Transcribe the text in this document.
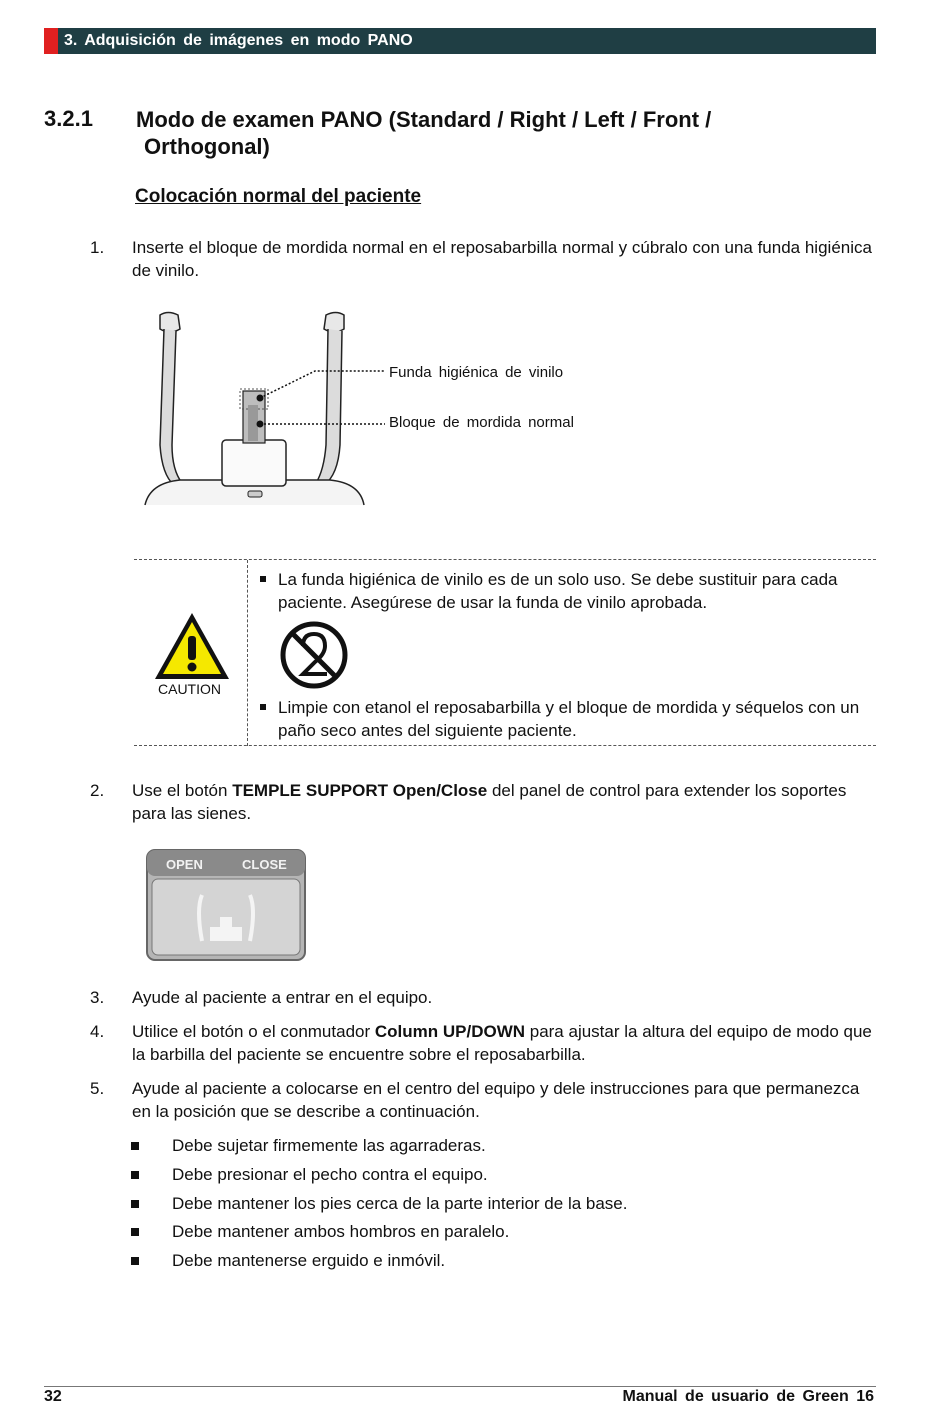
3. Adquisición de imágenes en modo PANO
3.2.1 Modo de examen PANO (Standard / Right / Left / Front /
Orthogonal)
Colocación normal del paciente
1. Inserte el bloque de mordida normal en el reposabarbilla normal y cúbralo con una funda higiénica de vinilo.
Funda higiénica de vinilo
Bloque de mordida normal
CAUTION
La funda higiénica de vinilo es de un solo uso. Se debe sustituir para cada paciente. Asegúrese de usar la funda de vinilo aprobada.
Limpie con etanol el reposabarbilla y el bloque de mordida y séquelos con un paño seco antes del siguiente paciente.
2. Use el botón TEMPLE SUPPORT Open/Close del panel de control para extender los soportes para las sienes.
OPEN	CLOSE
3. Ayude al paciente a entrar en el equipo.
4. Utilice el botón o el conmutador Column UP/DOWN para ajustar la altura del equipo de modo que la barbilla del paciente se encuentre sobre el reposabarbilla.
5. Ayude al paciente a colocarse en el centro del equipo y dele instrucciones para que permanezca en la posición que se describe a continuación.
Debe sujetar firmemente las agarraderas.
Debe presionar el pecho contra el equipo.
Debe mantener los pies cerca de la parte interior de la base.
Debe mantener ambos hombros en paralelo.
Debe mantenerse erguido e inmóvil.
32	Manual de usuario de Green 16
